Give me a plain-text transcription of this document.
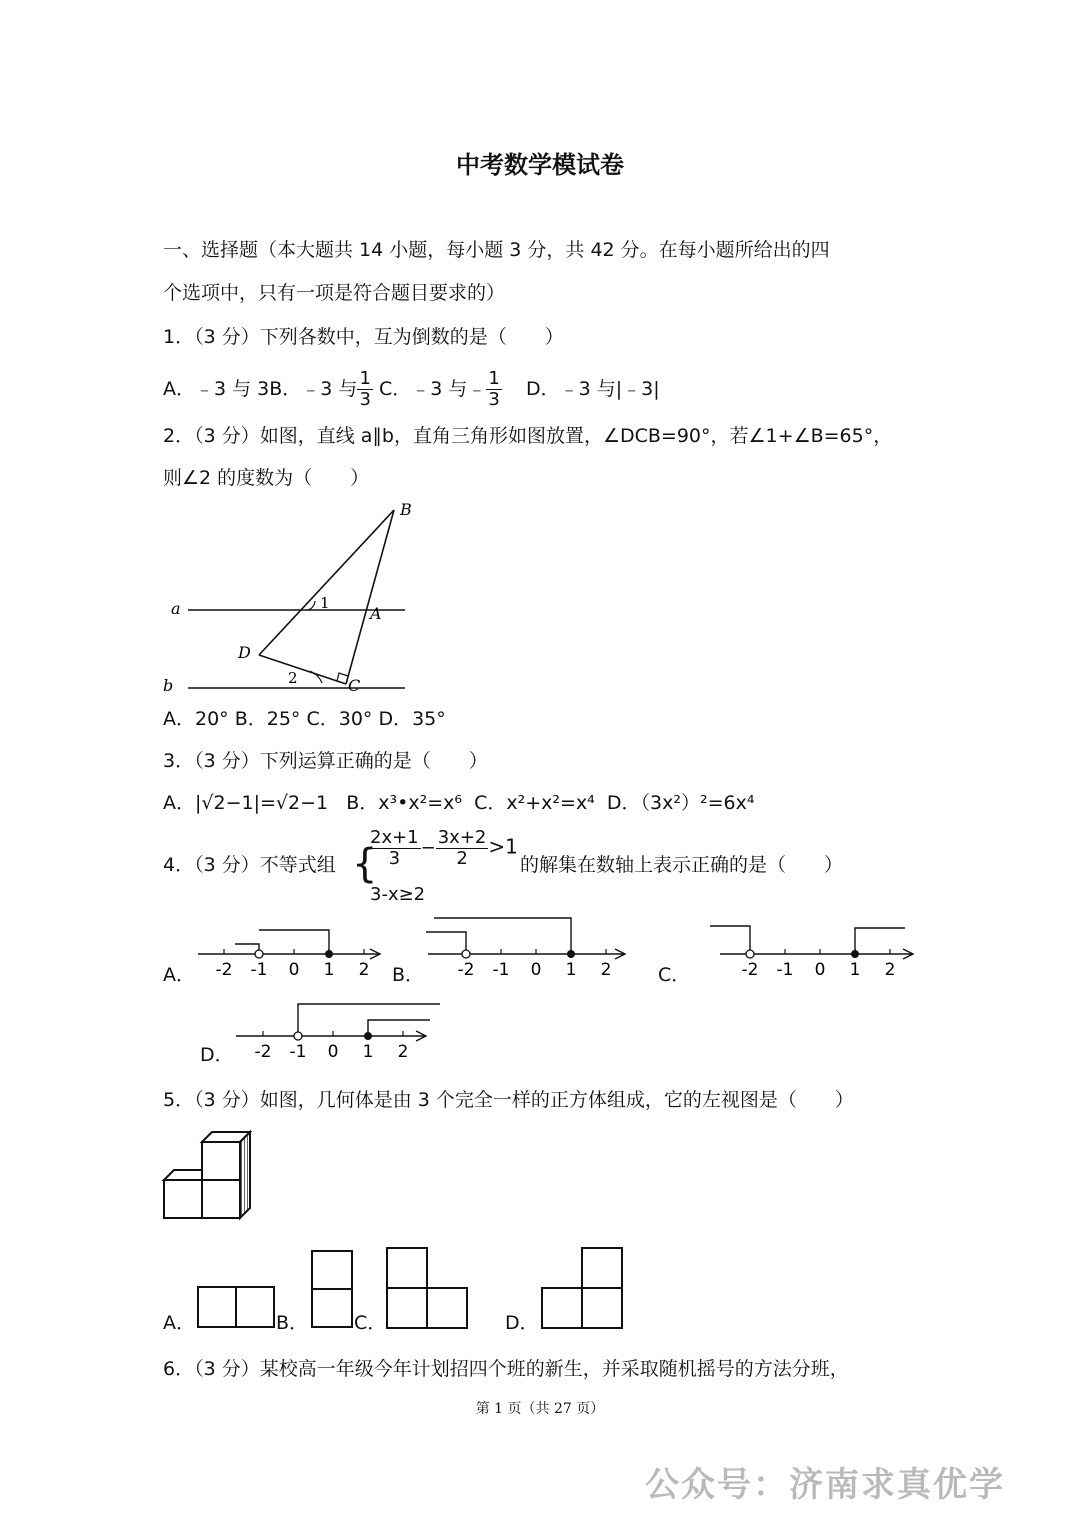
中考数学模试卷
一、选择题（本大题共 14 小题，每小题 3 分，共 42 分。在每小题所给出的四
个选项中，只有一项是符合题目要求的）
1．（3 分）下列各数中，互为倒数的是（　　）
A．﹣3 与 3B．﹣3 与 $\frac{1}{3}$ C．﹣3 与﹣ $\frac{1}{3}$ D．﹣3 与|﹣3|
2．（3 分）如图，直线 a∥b，直角三角形如图放置，∠DCB=90°，若∠1+∠B=65°，
则∠2 的度数为（　　）
B
A
D
C
a
b
1
2
A．20° B．25° C．30° D．35°
3．（3 分）下列运算正确的是（　　）
A．|√2−1|=√2−1 B．x³•x²=x⁶ C．x²+x²=x⁴ D．（3x²）²=6x⁴
4．（3 分）不等式组 {
$\frac{2x+1}{3} - \frac{3x+2}{2} >1$
3-x≥2
的解集在数轴上表示正确的是（　　）
A． -2 -1 0 1 2 B． -2 -1 0 1 2 C．	-2 -1 0 1 2
D． -2 -1 0 1 2
5．（3 分）如图，几何体是由 3 个完全一样的正方体组成，它的左视图是（　　）
A．	B． C．	D．
6．（3 分）某校高一年级今年计划招四个班的新生，并采取随机摇号的方法分班，
第 1 页（共 27 页）
公众号：济南求真优学
